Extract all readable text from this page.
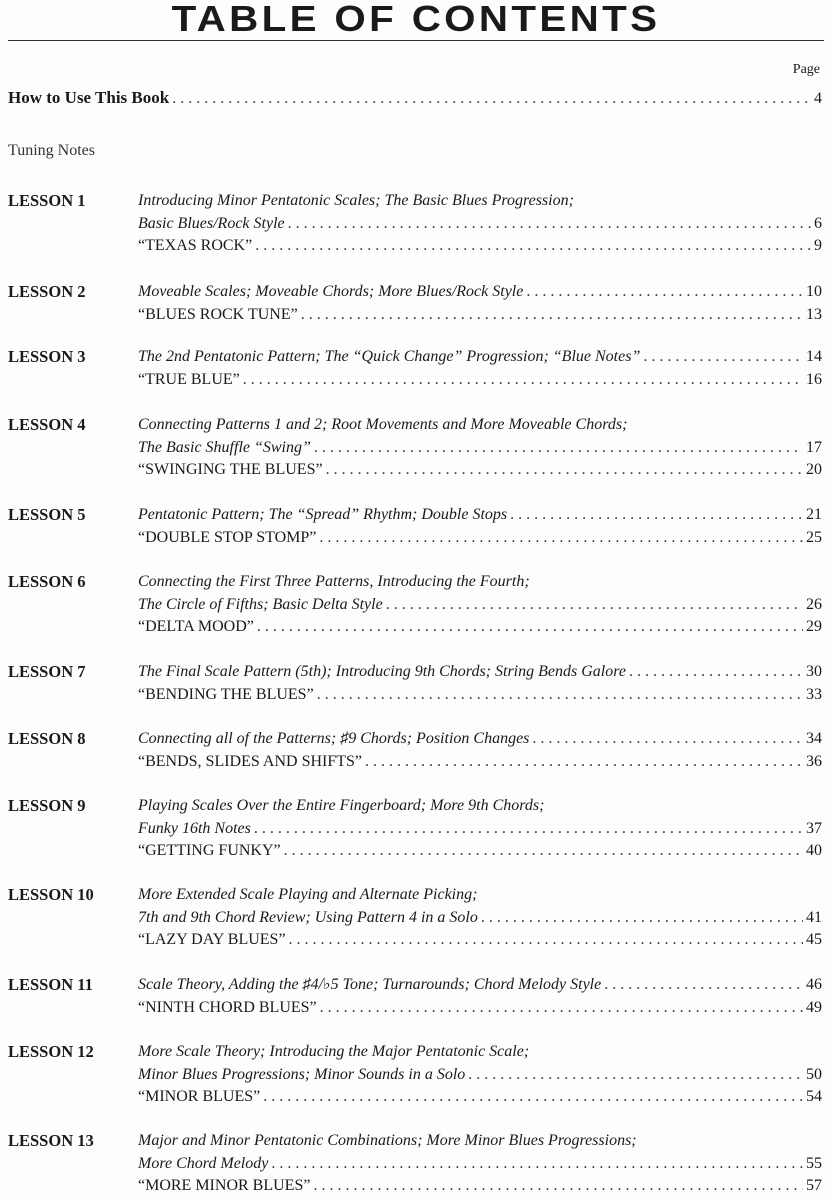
TABLE OF CONTENTS
Page
How to Use This Book . . .	4
Tuning Notes
LESSON 1	Introducing Minor Pentatonic Scales; The Basic Blues Progression;
Basic Blues/Rock Style . . .	6
“TEXAS ROCK” . . .	9
LESSON 2	Moveable Scales; Moveable Chords; More Blues/Rock Style . . .	10
“BLUES ROCK TUNE” . . .	13
LESSON 3	The 2nd Pentatonic Pattern; The “Quick Change” Progression; “Blue Notes” . . .	14
“TRUE BLUE” . . .	16
LESSON 4	Connecting Patterns 1 and 2; Root Movements and More Moveable Chords;
The Basic Shuffle “Swing” . . .	17
“SWINGING THE BLUES” . . .	20
LESSON 5	Pentatonic Pattern; The “Spread” Rhythm; Double Stops . . .	21
“DOUBLE STOP STOMP” . . .	25
LESSON 6	Connecting the First Three Patterns, Introducing the Fourth;
The Circle of Fifths; Basic Delta Style . . .	26
“DELTA MOOD” . . .	29
LESSON 7	The Final Scale Pattern (5th); Introducing 9th Chords; String Bends Galore . . .	30
“BENDING THE BLUES” . . .	33
LESSON 8	Connecting all of the Patterns; ♯9 Chords; Position Changes . . .	34
“BENDS, SLIDES AND SHIFTS” . . .	36
LESSON 9	Playing Scales Over the Entire Fingerboard; More 9th Chords;
Funky 16th Notes . . .	37
“GETTING FUNKY” . . .	40
LESSON 10	More Extended Scale Playing and Alternate Picking;
7th and 9th Chord Review; Using Pattern 4 in a Solo . . .	41
“LAZY DAY BLUES” . . .	45
LESSON 11	Scale Theory, Adding the ♯4/♭5 Tone; Turnarounds; Chord Melody Style . . .	46
“NINTH CHORD BLUES” . . .	49
LESSON 12	More Scale Theory; Introducing the Major Pentatonic Scale;
Minor Blues Progressions; Minor Sounds in a Solo . . .	50
“MINOR BLUES” . . .	54
LESSON 13	Major and Minor Pentatonic Combinations; More Minor Blues Progressions;
More Chord Melody . . .	55
“MORE MINOR BLUES” . . .	57
